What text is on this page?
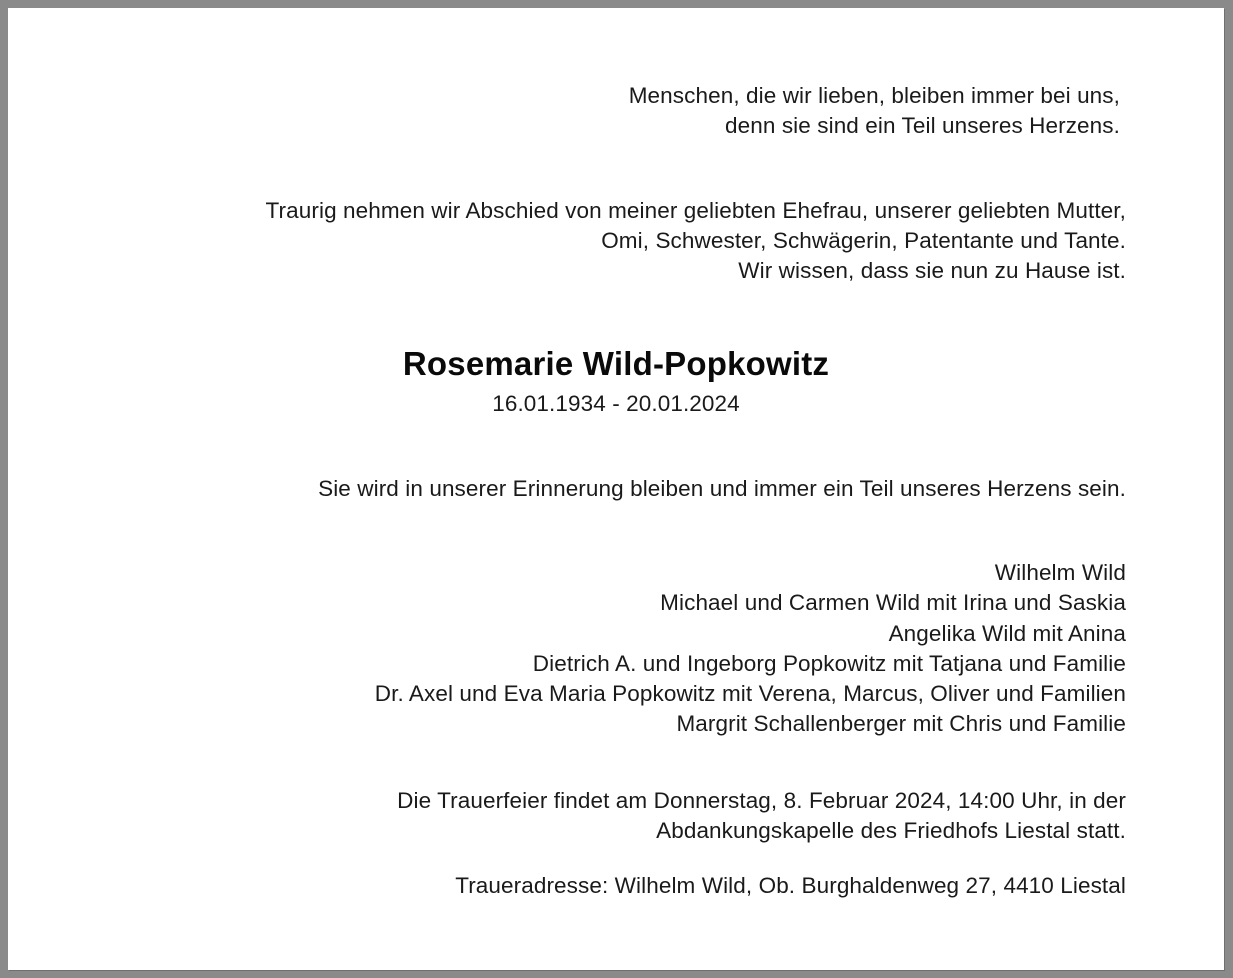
Menschen, die wir lieben, bleiben immer bei uns,
denn sie sind ein Teil unseres Herzens.
Traurig nehmen wir Abschied von meiner geliebten Ehefrau, unserer geliebten Mutter,
Omi, Schwester, Schwägerin, Patentante und Tante.
Wir wissen, dass sie nun zu Hause ist.
Rosemarie Wild-Popkowitz
16.01.1934 - 20.01.2024
Sie wird in unserer Erinnerung bleiben und immer ein Teil unseres Herzens sein.
Wilhelm Wild
Michael und Carmen Wild mit Irina und Saskia
Angelika Wild mit Anina
Dietrich A. und Ingeborg Popkowitz mit Tatjana und Familie
Dr. Axel und Eva Maria Popkowitz mit Verena, Marcus, Oliver und Familien
Margrit Schallenberger mit Chris und Familie
Die Trauerfeier findet am Donnerstag, 8. Februar 2024, 14:00 Uhr, in der
Abdankungskapelle des Friedhofs Liestal statt.
Traueradresse: Wilhelm Wild, Ob. Burghaldenweg 27, 4410 Liestal
